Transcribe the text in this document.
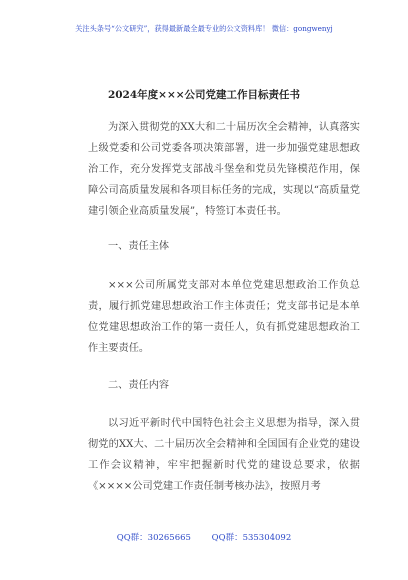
关注头条号“公文研究”，获得最新最全最专业的公文资料库！ 微信：gongwenyj
2024年度×××公司党建工作目标责任书

为深入贯彻党的XX大和二十届历次全会精神，认真落实上级党委和公司党委各项决策部署，进一步加强党建思想政治工作，充分发挥党支部战斗堡垒和党员先锋模范作用，保障公司高质量发展和各项目标任务的完成，实现以“高质量党建引领企业高质量发展”，特签订本责任书。

一、责任主体

×××公司所属党支部对本单位党建思想政治工作负总责，履行抓党建思想政治工作主体责任；党支部书记是本单位党建思想政治工作的第一责任人，负有抓党建思想政治工作主要责任。

二、责任内容

以习近平新时代中国特色社会主义思想为指导，深入贯彻党的XX大、二十届历次全会精神和全国国有企业党的建设工作会议精神，牢牢把握新时代党的建设总要求，依据《××××公司党建工作责任制考核办法》，按照月考

QQ群：30265665 QQ群：535304092
